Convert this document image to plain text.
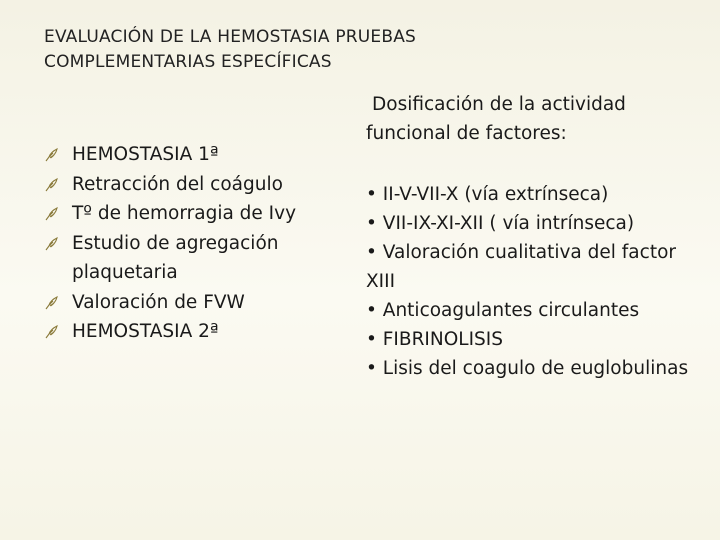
EVALUACIÓN DE LA HEMOSTASIA PRUEBAS
COMPLEMENTARIAS ESPECÍFICAS
HEMOSTASIA 1ª
Retracción del coágulo
Tº de hemorragia de Ivy
Estudio de agregación plaquetaria
Valoración de FVW
HEMOSTASIA 2ª
Dosificación de la actividad
funcional de factores:
• II-V-VII-X (vía extrínseca)
• VII-IX-XI-XII ( vía intrínseca)
• Valoración cualitativa del factor XIII
• Anticoagulantes circulantes
• FIBRINOLISIS
• Lisis del coagulo de euglobulinas
